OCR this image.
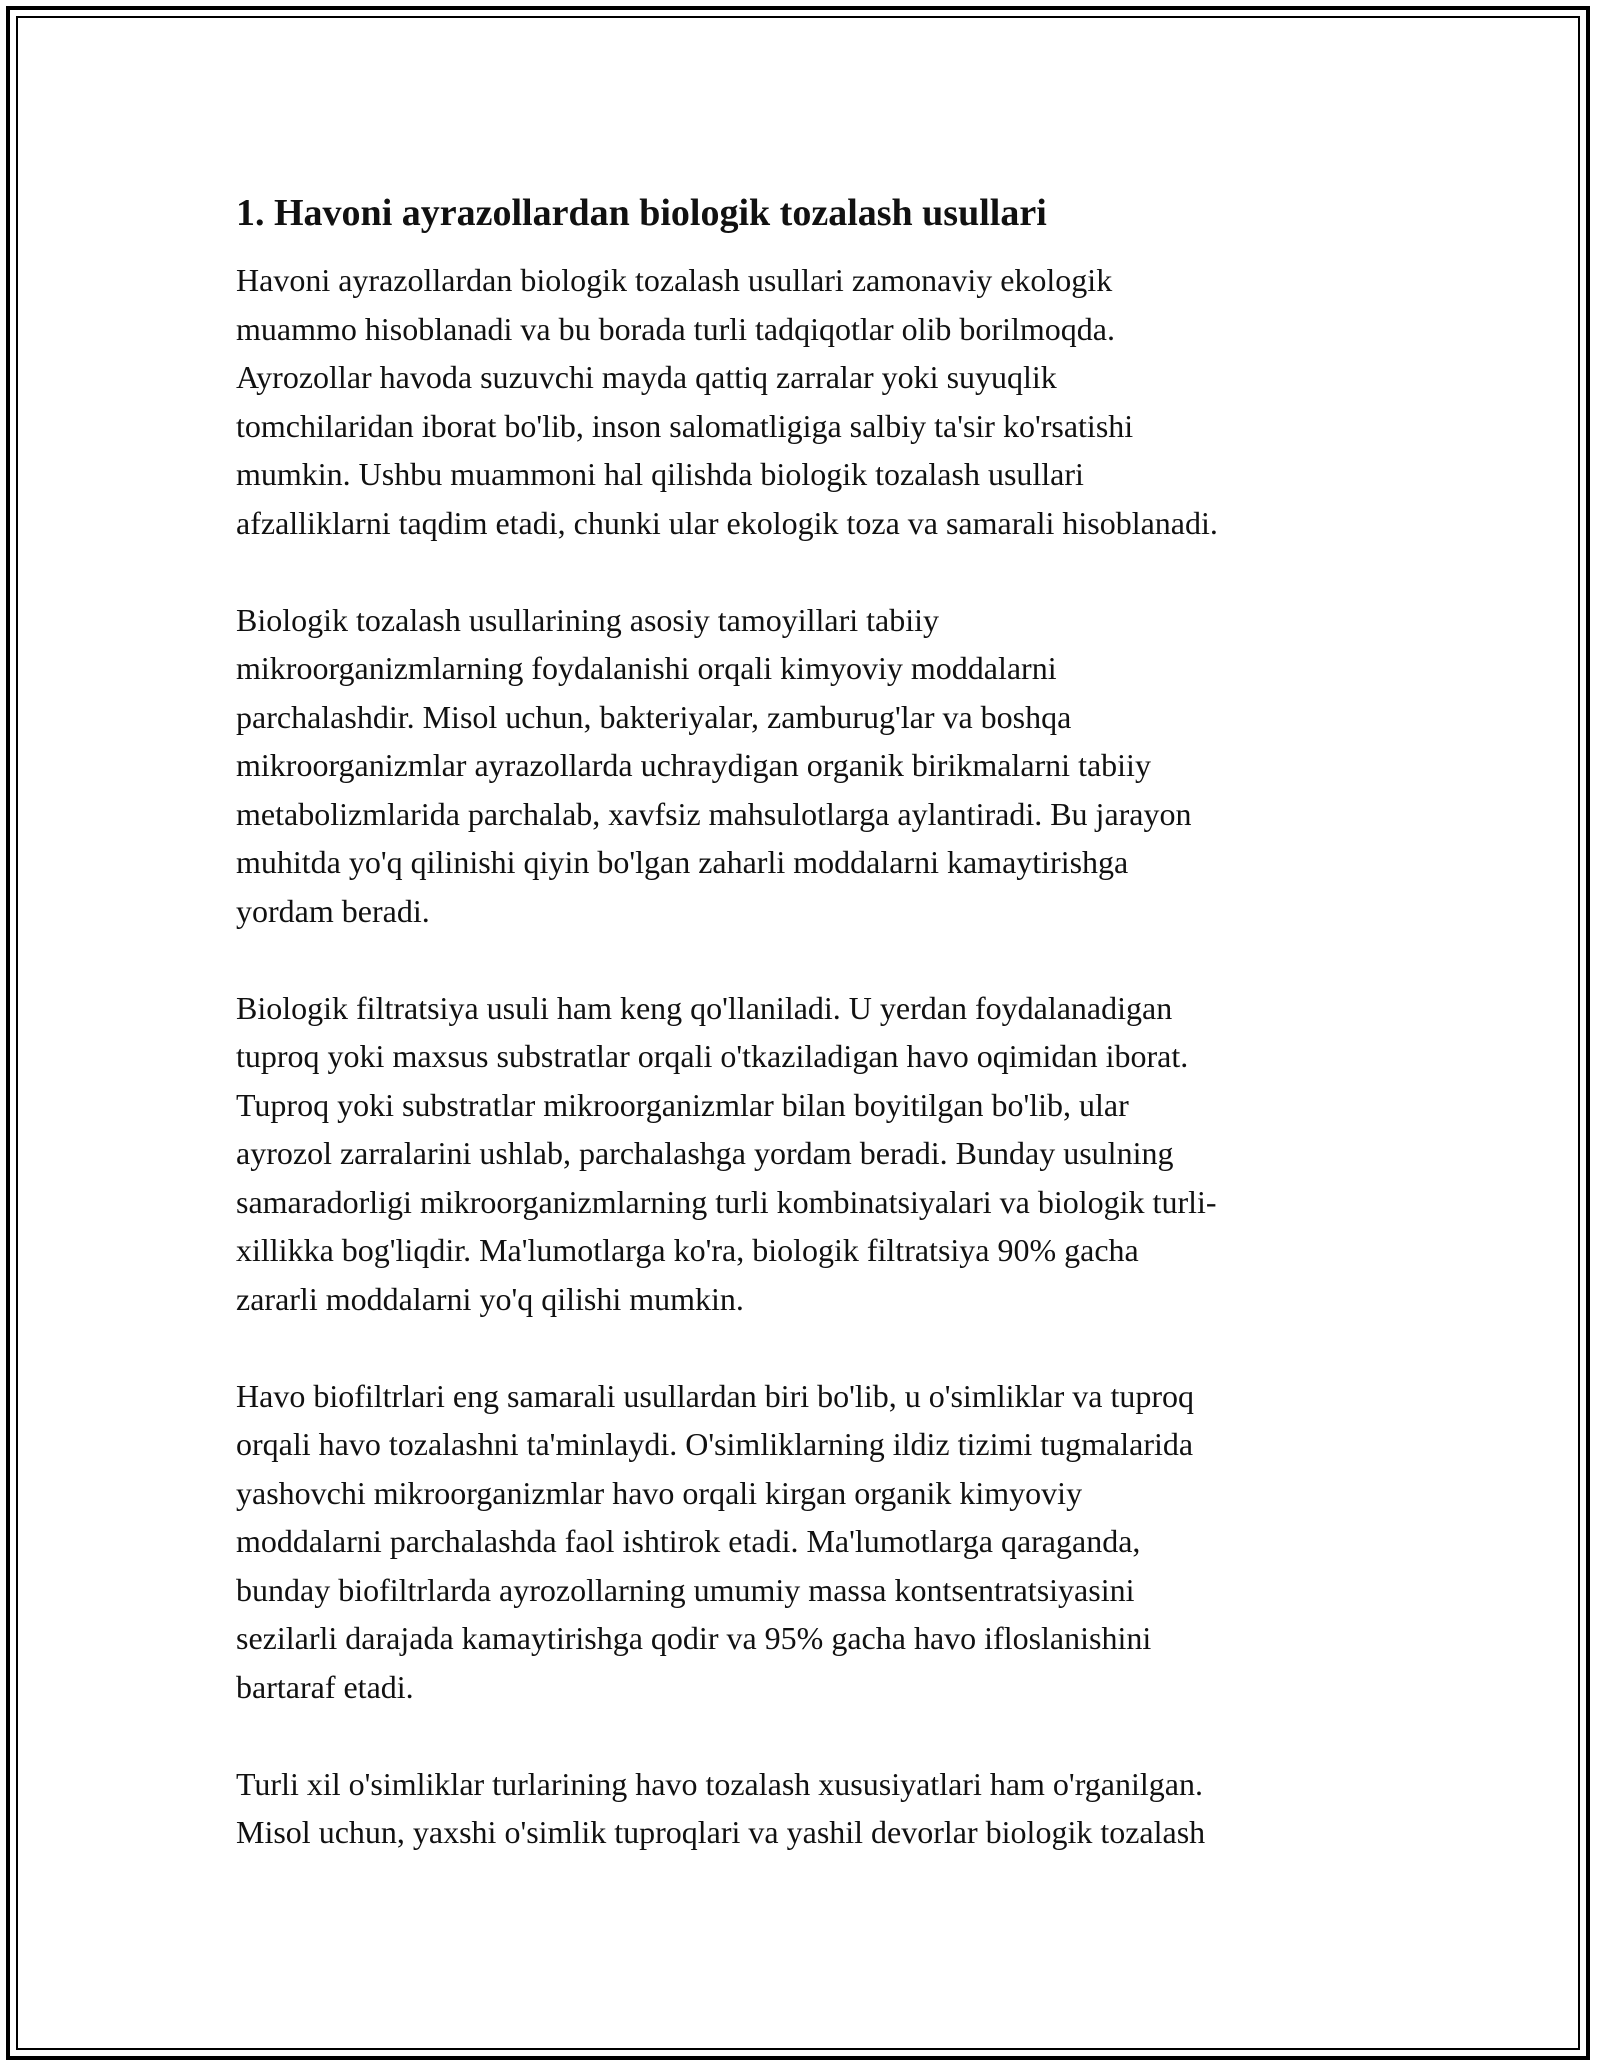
1. Havoni ayrazollardan biologik tozalash usullari

Havoni ayrazollardan biologik tozalash usullari zamonaviy ekologik
muammo hisoblanadi va bu borada turli tadqiqotlar olib borilmoqda.
Ayrozollar havoda suzuvchi mayda qattiq zarralar yoki suyuqlik
tomchilaridan iborat bo'lib, inson salomatligiga salbiy ta'sir ko'rsatishi
mumkin. Ushbu muammoni hal qilishda biologik tozalash usullari
afzalliklarni taqdim etadi, chunki ular ekologik toza va samarali hisoblanadi.

Biologik tozalash usullarining asosiy tamoyillari tabiiy
mikroorganizmlarning foydalanishi orqali kimyoviy moddalarni
parchalashdir. Misol uchun, bakteriyalar, zamburug'lar va boshqa
mikroorganizmlar ayrazollarda uchraydigan organik birikmalarni tabiiy
metabolizmlarida parchalab, xavfsiz mahsulotlarga aylantiradi. Bu jarayon
muhitda yo'q qilinishi qiyin bo'lgan zaharli moddalarni kamaytirishga
yordam beradi.

Biologik filtratsiya usuli ham keng qo'llaniladi. U yerdan foydalanadigan
tuproq yoki maxsus substratlar orqali o'tkaziladigan havo oqimidan iborat.
Tuproq yoki substratlar mikroorganizmlar bilan boyitilgan bo'lib, ular
ayrozol zarralarini ushlab, parchalashga yordam beradi. Bunday usulning
samaradorligi mikroorganizmlarning turli kombinatsiyalari va biologik turli-
xillikka bog'liqdir. Ma'lumotlarga ko'ra, biologik filtratsiya 90% gacha
zararli moddalarni yo'q qilishi mumkin.

Havo biofiltrlari eng samarali usullardan biri bo'lib, u o'simliklar va tuproq
orqali havo tozalashni ta'minlaydi. O'simliklarning ildiz tizimi tugmalarida
yashovchi mikroorganizmlar havo orqali kirgan organik kimyoviy
moddalarni parchalashda faol ishtirok etadi. Ma'lumotlarga qaraganda,
bunday biofiltrlarda ayrozollarning umumiy massa kontsentratsiyasini
sezilarli darajada kamaytirishga qodir va 95% gacha havo ifloslanishini
bartaraf etadi.

Turli xil o'simliklar turlarining havo tozalash xususiyatlari ham o'rganilgan.
Misol uchun, yaxshi o'simlik tuproqlari va yashil devorlar biologik tozalash
